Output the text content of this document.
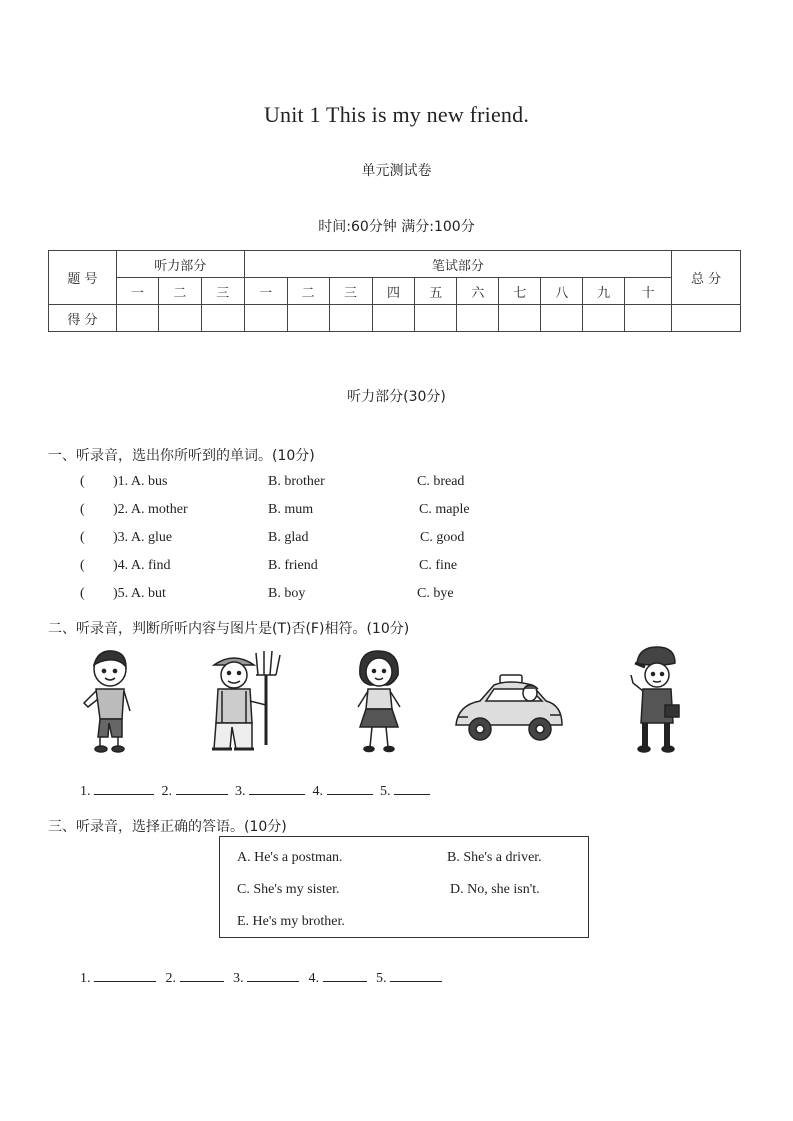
Unit 1 This is my new friend.
单元测试卷
时间:60分钟 满分:100分
题 号	听力部分			笔试部分										总 分
	一	二	三	一	二	三	四	五	六	七	八	九	十	
得 分														
听力部分(30分)
一、听录音，选出你所听到的单词。(10分)
( )1. A. bus	B. brother	C. bread
( )2. A. mother	B. mum	C. maple
( )3. A. glue	B. glad	C. good
( )4. A. find	B. friend	C. fine
( )5. A. but	B. boy	C. bye
二、听录音，判断所听内容与图片是(T)否(F)相符。(10分)
1.	2.	3.	4.	5.
三、听录音，选择正确的答语。(10分)
A. He's a postman.	B. She's a driver.
C. She's my sister.	D. No, she isn't.
E. He's my brother.
1.	2.	3.	4.	5.
